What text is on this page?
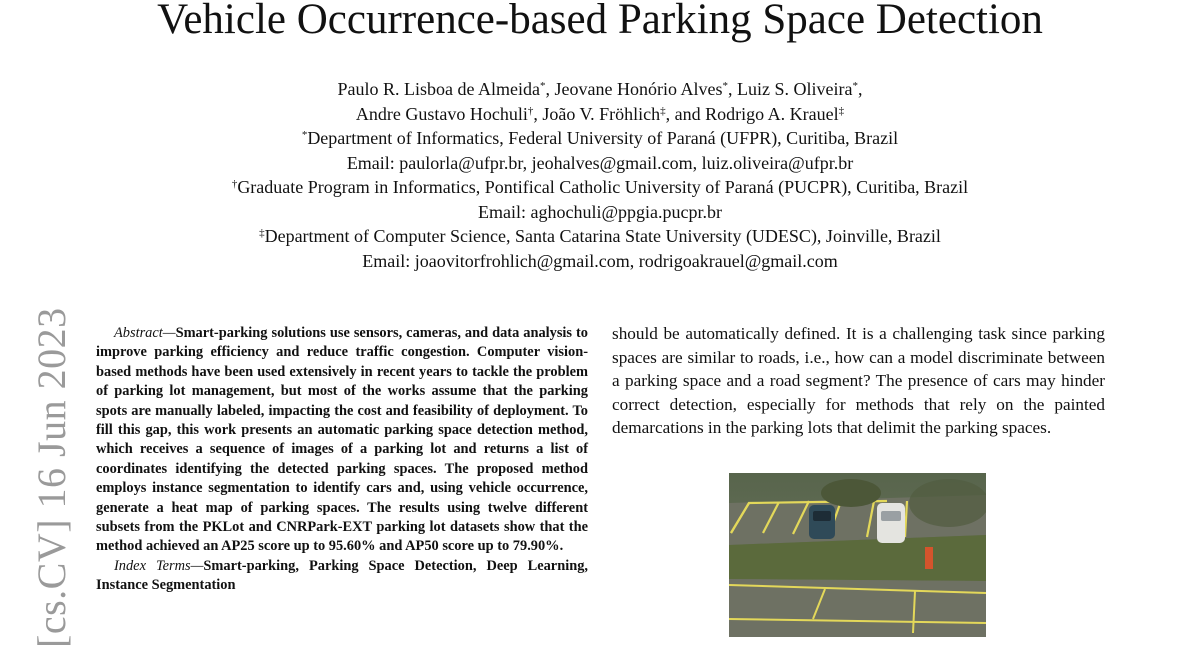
Vehicle Occurrence-based Parking Space Detection
Paulo R. Lisboa de Almeida*, Jeovane Honório Alves*, Luiz S. Oliveira*,
Andre Gustavo Hochuli†, João V. Fröhlich‡, and Rodrigo A. Krauel‡
*Department of Informatics, Federal University of Paraná (UFPR), Curitiba, Brazil
Email: paulorla@ufpr.br, jeohalves@gmail.com, luiz.oliveira@ufpr.br
†Graduate Program in Informatics, Pontifical Catholic University of Paraná (PUCPR), Curitiba, Brazil
Email: aghochuli@ppgia.pucpr.br
‡Department of Computer Science, Santa Catarina State University (UDESC), Joinville, Brazil
Email: joaovitorfrohlich@gmail.com, rodrigoakrauel@gmail.com
[cs.CV] 16 Jun 2023	Abstract—Smart-parking solutions use sensors, cameras, and data analysis to improve parking efficiency and reduce traffic congestion. Computer vision-based methods have been used extensively in recent years to tackle the problem of parking lot management, but most of the works assume that the parking spots are manually labeled, impacting the cost and feasibility of deployment. To fill this gap, this work presents an automatic parking space detection method, which receives a sequence of images of a parking lot and returns a list of coordinates identifying the detected parking spaces. The proposed method employs instance segmentation to identify cars and, using vehicle occurrence, generate a heat map of parking spaces. The results using twelve different subsets from the PKLot and CNRPark-EXT parking lot datasets show that the method achieved an AP25 score up to 95.60% and AP50 score up to 79.90%.

Index Terms—Smart-parking, Parking Space Detection, Deep Learning, Instance Segmentation

should be automatically defined. It is a challenging task since parking spaces are similar to roads, i.e., how can a model discriminate between a parking space and a road segment? The presence of cars may hinder correct detection, especially for methods that rely on the painted demarcations in the parking lots that delimit the parking spaces.
